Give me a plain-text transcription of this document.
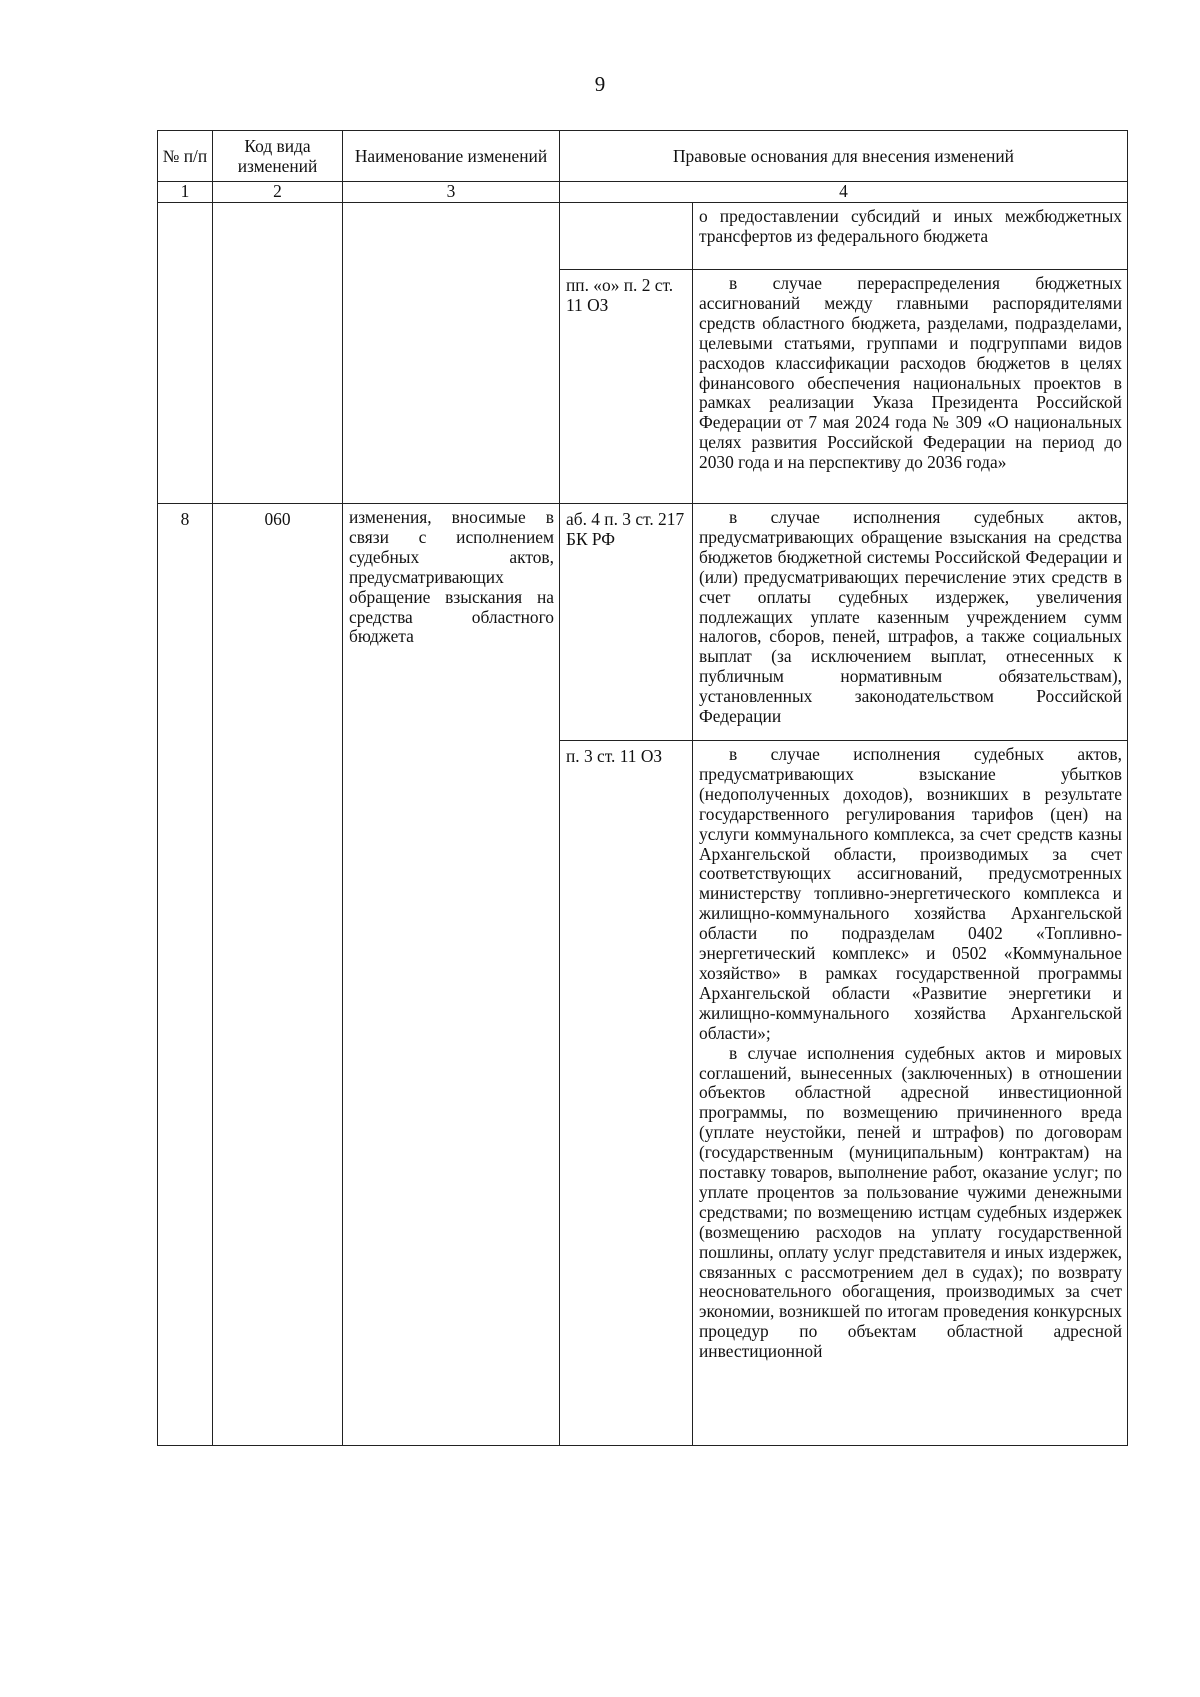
9
№ п/п	Код вида изменений	Наименование изменений	Правовые основания для внесения изменений	
1	2	3	4	

				о предоставлении субсидий и иных межбюджетных трансфертов из федерального бюджета

			пп. «о» п. 2 ст. 11 ОЗ	в случае перераспределения бюджетных ассигнований между главными распорядителями средств областного бюджета, разделами, подразделами, целевыми статьями, группами и подгруппами видов расходов классификации расходов бюджетов в целях финансового обеспечения национальных проектов в рамках реализации Указа Президента Российской Федерации от 7 мая 2024 года № 309 «О национальных целях развития Российской Федерации на период до 2030 года и на перспективу до 2036 года»

8	060	изменения, вносимые в связи с исполнением судебных актов, предусматривающих обращение взыскания на средства областного бюджета	аб. 4 п. 3 ст. 217 БК РФ	в случае исполнения судебных актов, предусматривающих обращение взыскания на средства бюджетов бюджетной системы Российской Федерации и (или) предусматривающих перечисление этих средств в счет оплаты судебных издержек, увеличения подлежащих уплате казенным учреждением сумм налогов, сборов, пеней, штрафов, а также социальных выплат (за исключением выплат, отнесенных к публичным нормативным обязательствам), установленных законодательством Российской Федерации

			п. 3 ст. 11 ОЗ	в случае исполнения судебных актов, предусматривающих взыскание убытков (недополученных доходов), возникших в результате государственного регулирования тарифов (цен) на услуги коммунального комплекса, за счет средств казны Архангельской области, производимых за счет соответствующих ассигнований, предусмотренных министерству топливно-энергетического комплекса и жилищно-коммунального хозяйства Архангельской области по подразделам 0402 «Топливно-энергетический комплекс» и 0502 «Коммунальное хозяйство» в рамках государственной программы Архангельской области «Развитие энергетики и жилищно-коммунального хозяйства Архангельской области»;

в случае исполнения судебных актов и мировых соглашений, вынесенных (заключенных) в отношении объектов областной адресной инвестиционной программы, по возмещению причиненного вреда (уплате неустойки, пеней и штрафов) по договорам (государственным (муниципальным) контрактам) на поставку товаров, выполнение работ, оказание услуг; по уплате процентов за пользование чужими денежными средствами; по возмещению истцам судебных издержек (возмещению расходов на уплату государственной пошлины, оплату услуг представителя и иных издержек, связанных с рассмотрением дел в судах); по возврату неосновательного обогащения, производимых за счет экономии, возникшей по итогам проведения конкурсных процедур по объектам областной адресной инвестиционной
